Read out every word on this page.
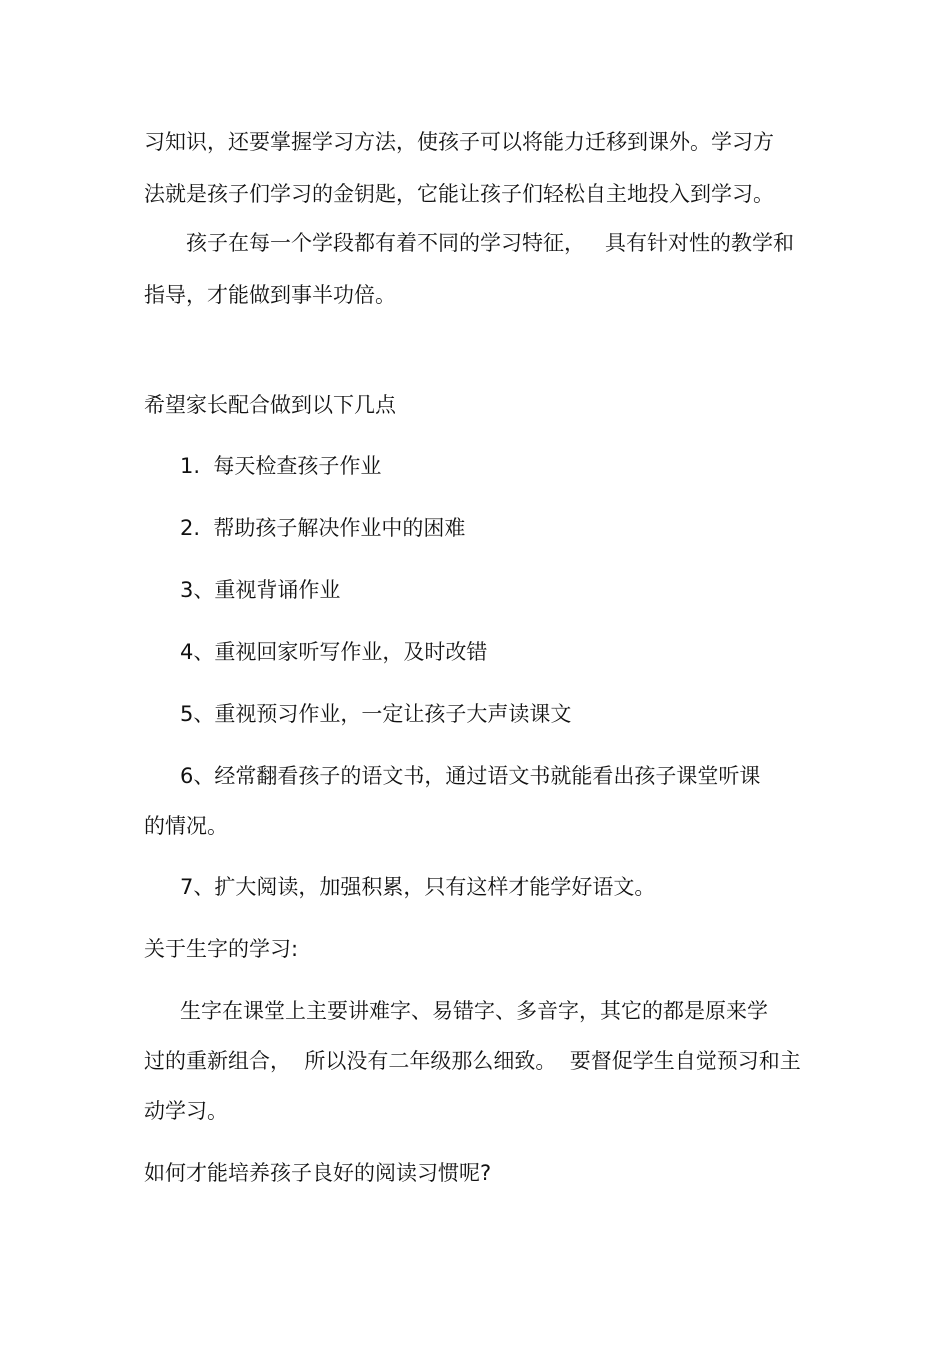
习知识，还要掌握学习方法，使孩子可以将能力迁移到课外。学习方

法就是孩子们学习的金钥匙，它能让孩子们轻松自主地投入到学习。

孩子在每一个学段都有着不同的学习特征，   具有针对性的教学和

指导，才能做到事半功倍。

希望家长配合做到以下几点

1.  每天检查孩子作业

2.  帮助孩子解决作业中的困难

3、重视背诵作业

4、重视回家听写作业，及时改错

5、重视预习作业，一定让孩子大声读课文

6、经常翻看孩子的语文书，通过语文书就能看出孩子课堂听课

的情况。

7、扩大阅读，加强积累，只有这样才能学好语文。

关于生字的学习:

生字在课堂上主要讲难字、易错字、多音字，其它的都是原来学

过的重新组合，  所以没有二年级那么细致。  要督促学生自觉预习和主

动学习。

如何才能培养孩子良好的阅读习惯呢?
